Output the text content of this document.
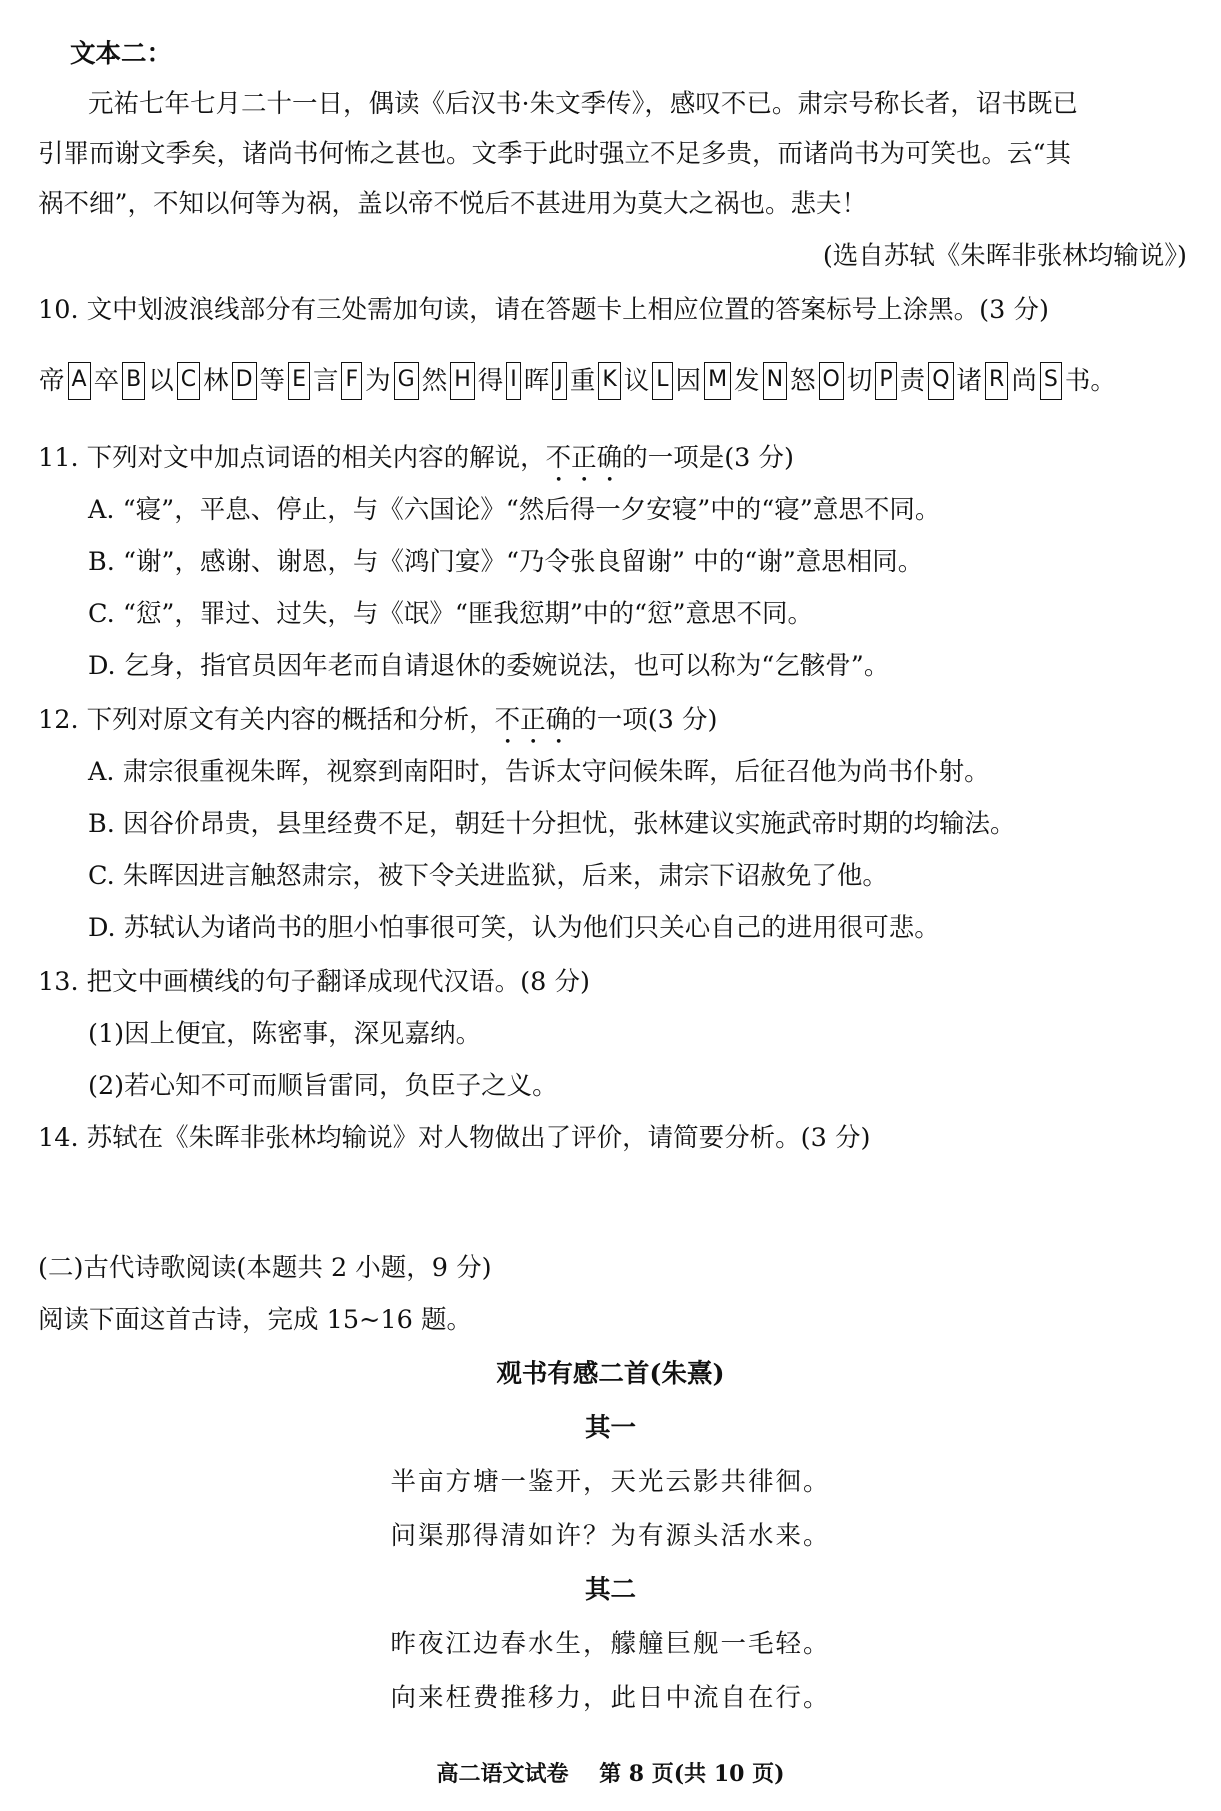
文本二：
元祐七年七月二十一日，偶读《后汉书·朱文季传》，感叹不已。肃宗号称长者，诏书既已
引罪而谢文季矣，诸尚书何怖之甚也。文季于此时强立不足多贵，而诸尚书为可笑也。云“其
祸不细”，不知以何等为祸，盖以帝不悦后不甚进用为莫大之祸也。悲夫！
(选自苏轼《朱晖非张林均输说》)
10. 文中划波浪线部分有三处需加句读，请在答题卡上相应位置的答案标号上涂黑。(3 分)
帝 A 卒 B 以 C 林 D 等 E 言 F 为 G 然 H 得 I 晖 J 重 K 议 L 因 M 发 N 怒 O 切 P 责 Q 诸 R 尚 S 书。
11. 下列对文中加点词语的相关内容的解说，不正确的一项是(3 分)
A. “寝”，平息、停止，与《六国论》“然后得一夕安寝”中的“寝”意思不同。
B. “谢”，感谢、谢恩，与《鸿门宴》“乃令张良留谢” 中的“谢”意思相同。
C. “愆”，罪过、过失，与《氓》“匪我愆期”中的“愆”意思不同。
D. 乞身，指官员因年老而自请退休的委婉说法，也可以称为“乞骸骨”。
12. 下列对原文有关内容的概括和分析，不正确的一项(3 分)
A. 肃宗很重视朱晖，视察到南阳时，告诉太守问候朱晖，后征召他为尚书仆射。
B. 因谷价昂贵，县里经费不足，朝廷十分担忧，张林建议实施武帝时期的均输法。
C. 朱晖因进言触怒肃宗，被下令关进监狱，后来，肃宗下诏赦免了他。
D. 苏轼认为诸尚书的胆小怕事很可笑，认为他们只关心自己的进用很可悲。
13. 把文中画横线的句子翻译成现代汉语。(8 分)
(1)因上便宜，陈密事，深见嘉纳。
(2)若心知不可而顺旨雷同，负臣子之义。
14. 苏轼在《朱晖非张林均输说》对人物做出了评价，请简要分析。(3 分)
(二)古代诗歌阅读(本题共 2 小题，9 分)
阅读下面这首古诗，完成 15~16 题。
观书有感二首(朱熹)
其一
半亩方塘一鉴开，天光云影共徘徊。
问渠那得清如许？为有源头活水来。
其二
昨夜江边春水生，艨艟巨舰一毛轻。
向来枉费推移力，此日中流自在行。
高二语文试卷    第 8 页(共 10 页)
